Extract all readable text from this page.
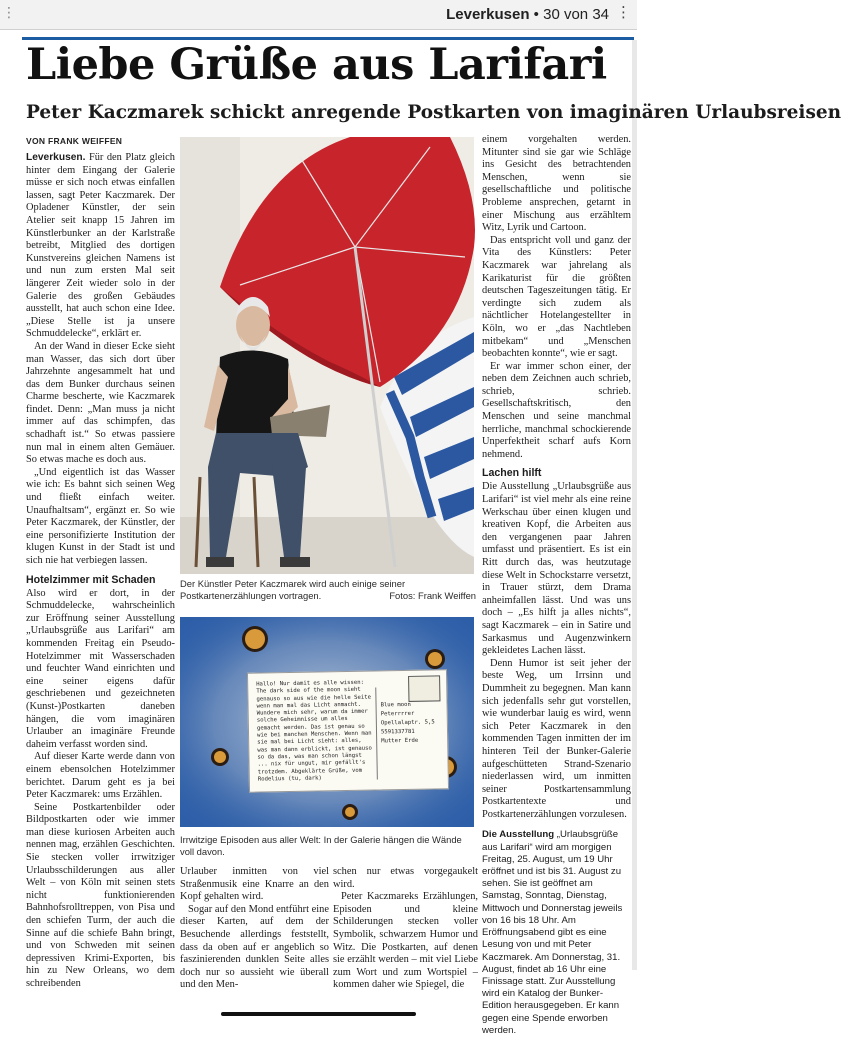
⋮	Leverkusen • 30 von 34 ⋮
Liebe Grüße aus Larifari
Peter Kaczmarek schickt anregende Postkarten von imaginären Urlaubsreisen
VON FRANK WEIFFEN

Leverkusen. Für den Platz gleich hinter dem Eingang der Galerie müsse er sich noch etwas einfallen lassen, sagt Peter Kaczmarek. Der Opladener Künstler, der sein Atelier seit knapp 15 Jahren im Künstlerbunker an der Karlstraße betreibt, Mitglied des dortigen Kunstvereins gleichen Namens ist und nun zum ersten Mal seit längerer Zeit wieder solo in der Galerie des großen Gebäudes ausstellt, hat auch schon eine Idee. „Diese Stelle ist ja unsere Schmuddelecke“, erklärt er.

An der Wand in dieser Ecke sieht man Wasser, das sich dort über Jahrzehnte angesammelt hat und das dem Bunker durchaus seinen Charme bescherte, wie Kaczmarek findet. Denn: „Man muss ja nicht immer auf das schimpfen, das schadhaft ist.“ So etwas passiere nun mal in einem alten Gemäuer. So etwas mache es doch aus.

„Und eigentlich ist das Wasser wie ich: Es bahnt sich seinen Weg und fließt einfach weiter. Unaufhaltsam“, ergänzt er. So wie Peter Kaczmarek, der Künstler, der eine personifizierte Institution der klugen Kunst in der Stadt ist und sich nie hat verbiegen lassen.

Hotelzimmer mit Schaden

Also wird er dort, in der Schmuddelecke, wahrscheinlich zur Eröffnung seiner Ausstellung „Urlaubsgrüße aus Larifari“ am kommenden Freitag ein Pseudo-Hotelzimmer mit Wasserschaden und feuchter Wand einrichten und eine seiner eigens dafür geschriebenen und gezeichneten (Kunst-)Postkarten daneben hängen, die vom imaginären Urlauber an imaginäre Freunde daheim verfasst worden sind.

Auf dieser Karte werde dann von einem ebensolchen Hotelzimmer berichtet. Darum geht es ja bei Peter Kaczmarek: ums Erzählen.

Seine Postkartenbilder oder Bildpostkarten oder wie immer man diese kuriosen Arbeiten auch nennen mag, erzählen Geschichten. Sie stecken voller irrwitziger Urlaubsschilderungen aus aller Welt – von Köln mit seinen stets nicht funktionierenden Bahnhofsrolltreppen, von Pisa und den schiefen Turm, der auch die Sinne auf die schiefe Bahn bringt, und von Schweden mit seinen depressiven Krimi-Exporten, bis hin zu New Orleans, wo dem schreibenden

Der Künstler Peter Kaczmarek wird auch einige seiner Postkartenerzählungen vortragen.	Fotos: Frank Weiffen
Hallo! Nur damit es alle wissen:
The dark side of the moon sieht genauso so aus wie die helle Seite wenn man mal das Licht anmacht. Wundere mich sehr, warum da immer solche Geheimnisse um alles gemacht werden. Das ist genau so wie bei manchen Menschen. Wenn man sie mal bei Licht sieht: alles, was man dann erblickt, ist genauso so da das, was man schon längst ... nix für ungut, mir gefällt's trotzdem. Abgeklärte Grüße, vom Rodelius (tu, dark)
Blue moon
Peterrrrer
Opellalaptr. 5,5
5591337781
Mutter Erde
Irrwitzige Episoden aus aller Welt: In der Galerie hängen die Wände voll davon.

Urlauber inmitten von viel Straßenmusik eine Knarre an den Kopf gehalten wird.

Sogar auf den Mond entführt eine dieser Karten, auf dem der Besuchende allerdings feststellt, dass da oben auf er angeblich so faszinierenden dunklen Seite alles doch nur so aussieht wie überall und den Men-

schen nur etwas vorgegaukelt wird.

Peter Kaczmareks Erzählungen, Episoden und kleine Schilderungen stecken voller Symbolik, schwarzem Humor und Witz. Die Postkarten, auf denen sie erzählt werden – mit viel Liebe zum Wort und zum Wortspiel – kommen daher wie Spiegel, die

einem vorgehalten werden. Mitunter sind sie gar wie Schläge ins Gesicht des betrachtenden Menschen, wenn sie gesellschaftliche und politische Probleme ansprechen, getarnt in einer Mischung aus erzähltem Witz, Lyrik und Cartoon.

Das entspricht voll und ganz der Vita des Künstlers: Peter Kaczmarek war jahrelang als Karikaturist für die größten deutschen Tageszeitungen tätig. Er verdingte sich zudem als nächtlicher Hotelangestellter in Köln, wo er „das Nachtleben mitbekam“ und „Menschen beobachten konnte“, wie er sagt.

Er war immer schon einer, der neben dem Zeichnen auch schrieb, schrieb, schrieb. Gesellschaftskritisch, den Menschen und seine manchmal herrliche, manchmal schockierende Unperfektheit scharf aufs Korn nehmend.

Lachen hilft

Die Ausstellung „Urlaubsgrüße aus Larifari“ ist viel mehr als eine reine Werkschau über einen klugen und kreativen Kopf, die Arbeiten aus den vergangenen paar Jahren umfasst und präsentiert. Es ist ein Ritt durch das, was heutzutage diese Welt in Schockstarre versetzt, in Trauer stürzt, dem Drama anheimfallen lässt. Und was uns doch – „Es hilft ja alles nichts“, sagt Kaczmarek – ein in Satire und Sarkasmus und Augenzwinkern gekleidetes Lachen lässt.

Denn Humor ist seit jeher der beste Weg, um Irrsinn und Dummheit zu begegnen. Man kann sich jedenfalls sehr gut vorstellen, wie wunderbar lauig es wird, wenn sich Peter Kaczmarek in den kommenden Tagen inmitten der im hinteren Teil der Bunker-Galerie aufgeschütteten Strand-Szenario niederlassen wird, um inmitten seiner Postkartensammlung Postkartentexte und Postkartenerzählungen vorzulesen.

Die Ausstellung „Urlaubsgrüße aus Larifari“ wird am morgigen Freitag, 25. August, um 19 Uhr eröffnet und ist bis 31. August zu sehen. Sie ist geöffnet am Samstag, Sonntag, Dienstag, Mittwoch und Donnerstag jeweils von 16 bis 18 Uhr. Am Eröffnungsabend gibt es eine Lesung von und mit Peter Kaczmarek. Am Donnerstag, 31. August, findet ab 16 Uhr eine Finissage statt. Zur Ausstellung wird ein Katalog der Bunker-Edition herausgegeben. Er kann gegen eine Spende erworben werden.
